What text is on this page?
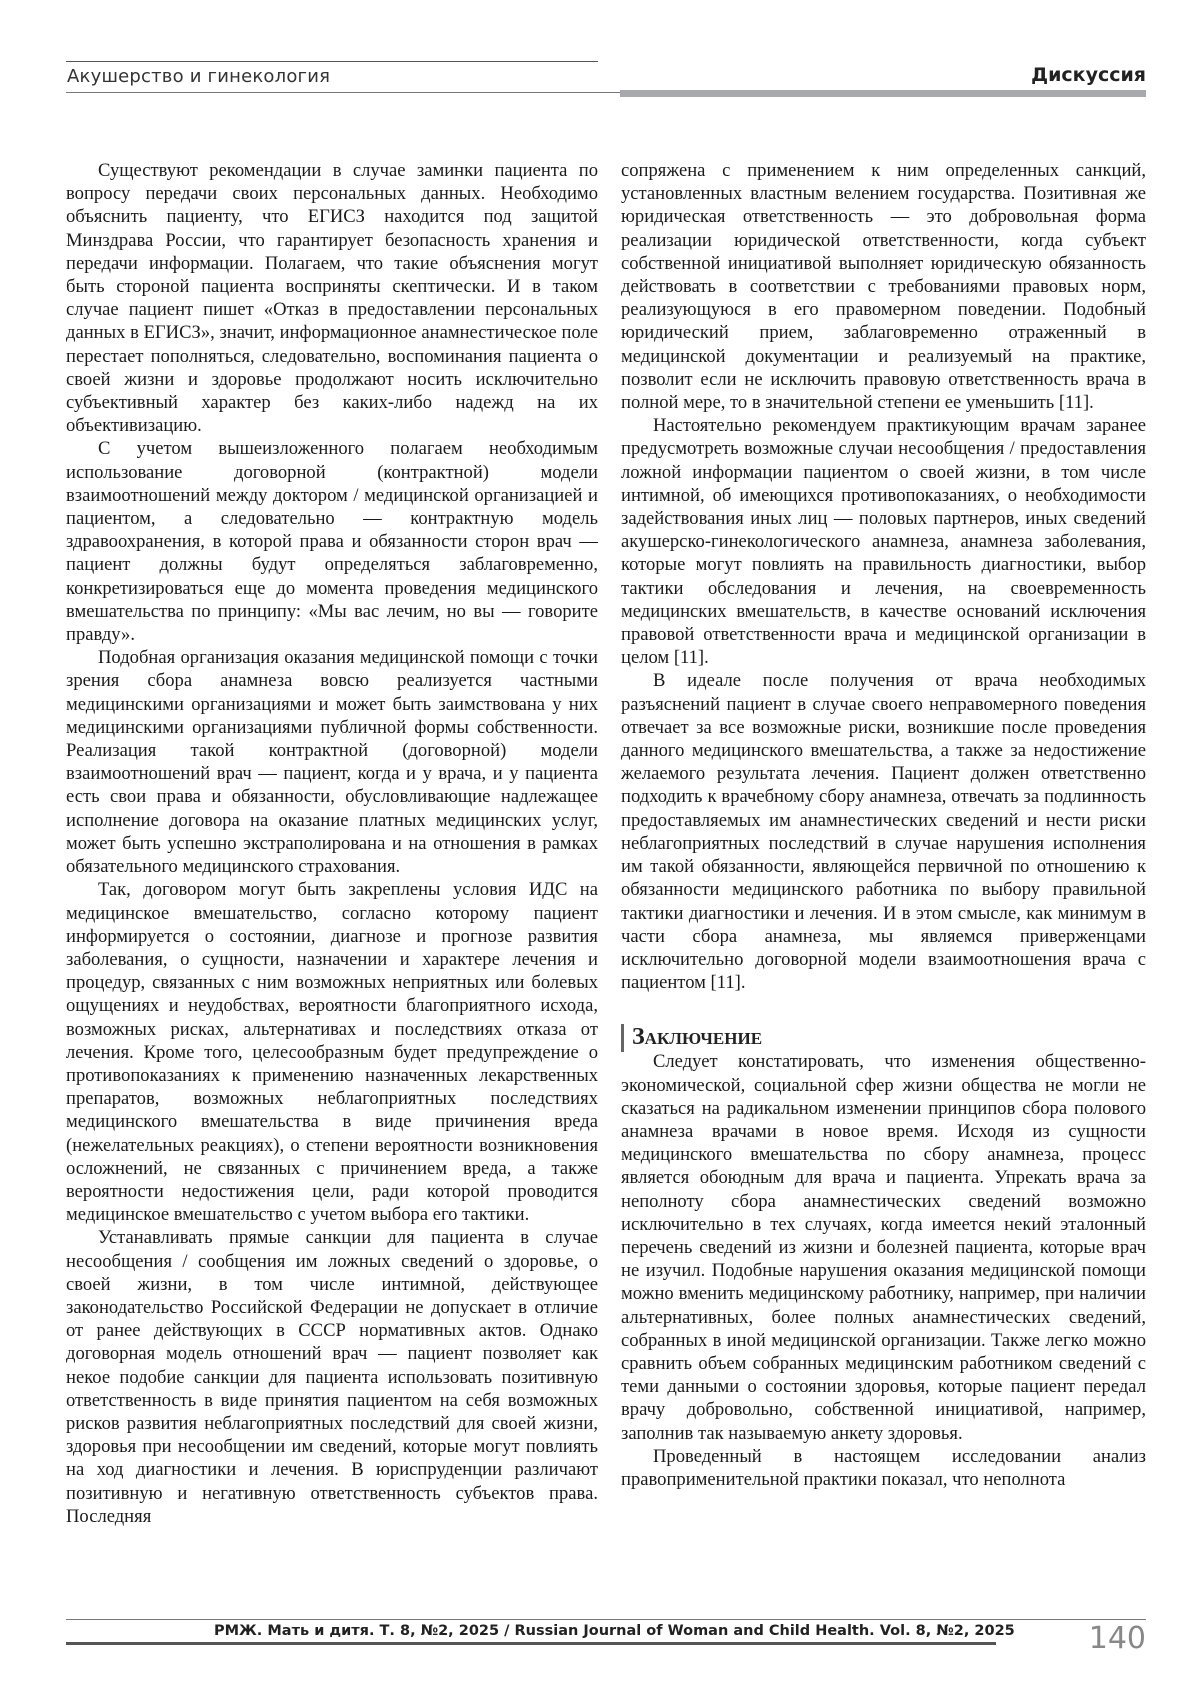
Акушерство и гинекология	Дискуссия

Существуют рекомендации в случае заминки пациента по вопросу передачи своих персональных данных. Необходимо объяснить пациенту, что ЕГИСЗ находится под защитой Минздрава России, что гарантирует безопасность хранения и передачи информации. Полагаем, что такие объяснения могут быть стороной пациента восприняты скептически. И в таком случае пациент пишет «Отказ в предоставлении персональных данных в ЕГИСЗ», значит, информационное анамнестическое поле перестает пополняться, следовательно, воспоминания пациента о своей жизни и здоровье продолжают носить исключительно субъективный характер без каких-либо надежд на их объективизацию.

С учетом вышеизложенного полагаем необходимым использование договорной (контрактной) модели взаимоотношений между доктором / медицинской организацией и пациентом, а следовательно — контрактную модель здравоохранения, в которой права и обязанности сторон врач — пациент должны будут определяться заблаговременно, конкретизироваться еще до момента проведения медицинского вмешательства по принципу: «Мы вас лечим, но вы — говорите правду».

Подобная организация оказания медицинской помощи с точки зрения сбора анамнеза вовсю реализуется частными медицинскими организациями и может быть заимствована у них медицинскими организациями публичной формы собственности. Реализация такой контрактной (договорной) модели взаимоотношений врач — пациент, когда и у врача, и у пациента есть свои права и обязанности, обусловливающие надлежащее исполнение договора на оказание платных медицинских услуг, может быть успешно экстраполирована и на отношения в рамках обязательного медицинского страхования.

Так, договором могут быть закреплены условия ИДС на медицинское вмешательство, согласно которому пациент информируется о состоянии, диагнозе и прогнозе развития заболевания, о сущности, назначении и характере лечения и процедур, связанных с ним возможных неприятных или болевых ощущениях и неудобствах, вероятности благоприятного исхода, возможных рисках, альтернативах и последствиях отказа от лечения. Кроме того, целесообразным будет предупреждение о противопоказаниях к применению назначенных лекарственных препаратов, возможных неблагоприятных последствиях медицинского вмешательства в виде причинения вреда (нежелательных реакциях), о степени вероятности возникновения осложнений, не связанных с причинением вреда, а также вероятности недостижения цели, ради которой проводится медицинское вмешательство с учетом выбора его тактики.

Устанавливать прямые санкции для пациента в случае несообщения / сообщения им ложных сведений о здоровье, о своей жизни, в том числе интимной, действующее законодательство Российской Федерации не допускает в отличие от ранее действующих в СССР нормативных актов. Однако договорная модель отношений врач — пациент позволяет как некое подобие санкции для пациента использовать позитивную ответственность в виде принятия пациентом на себя возможных рисков развития неблагоприятных последствий для своей жизни, здоровья при несообщении им сведений, которые могут повлиять на ход диагностики и лечения. В юриспруденции различают позитивную и негативную ответственность субъектов права. Последняя

сопряжена с применением к ним определенных санкций, установленных властным велением государства. Позитивная же юридическая ответственность — это добровольная форма реализации юридической ответственности, когда субъект собственной инициативой выполняет юридическую обязанность действовать в соответствии с требованиями правовых норм, реализующуюся в его правомерном поведении. Подобный юридический прием, заблаговременно отраженный в медицинской документации и реализуемый на практике, позволит если не исключить правовую ответственность врача в полной мере, то в значительной степени ее уменьшить [11].

Настоятельно рекомендуем практикующим врачам заранее предусмотреть возможные случаи несообщения / предоставления ложной информации пациентом о своей жизни, в том числе интимной, об имеющихся противопоказаниях, о необходимости задействования иных лиц — половых партнеров, иных сведений акушерско-гинекологического анамнеза, анамнеза заболевания, которые могут повлиять на правильность диагностики, выбор тактики обследования и лечения, на своевременность медицинских вмешательств, в качестве оснований исключения правовой ответственности врача и медицинской организации в целом [11].

В идеале после получения от врача необходимых разъяснений пациент в случае своего неправомерного поведения отвечает за все возможные риски, возникшие после проведения данного медицинского вмешательства, а также за недостижение желаемого результата лечения. Пациент должен ответственно подходить к врачебному сбору анамнеза, отвечать за подлинность предоставляемых им анамнестических сведений и нести риски неблагоприятных последствий в случае нарушения исполнения им такой обязанности, являющейся первичной по отношению к обязанности медицинского работника по выбору правильной тактики диагностики и лечения. И в этом смысле, как минимум в части сбора анамнеза, мы являемся приверженцами исключительно договорной модели взаимоотношения врача с пациентом [11].

Заключение

Следует констатировать, что изменения общественно-экономической, социальной сфер жизни общества не могли не сказаться на радикальном изменении принципов сбора полового анамнеза врачами в новое время. Исходя из сущности медицинского вмешательства по сбору анамнеза, процесс является обоюдным для врача и пациента. Упрекать врача за неполноту сбора анамнестических сведений возможно исключительно в тех случаях, когда имеется некий эталонный перечень сведений из жизни и болезней пациента, которые врач не изучил. Подобные нарушения оказания медицинской помощи можно вменить медицинскому работнику, например, при наличии альтернативных, более полных анамнестических сведений, собранных в иной медицинской организации. Также легко можно сравнить объем собранных медицинским работником сведений с теми данными о состоянии здоровья, которые пациент передал врачу добровольно, собственной инициативой, например, заполнив так называемую анкету здоровья.

Проведенный в настоящем исследовании анализ правоприменительной практики показал, что неполнота

РМЖ. Мать и дитя. Т. 8, №2, 2025 / Russian Journal of Woman and Child Health. Vol. 8, №2, 2025 140
